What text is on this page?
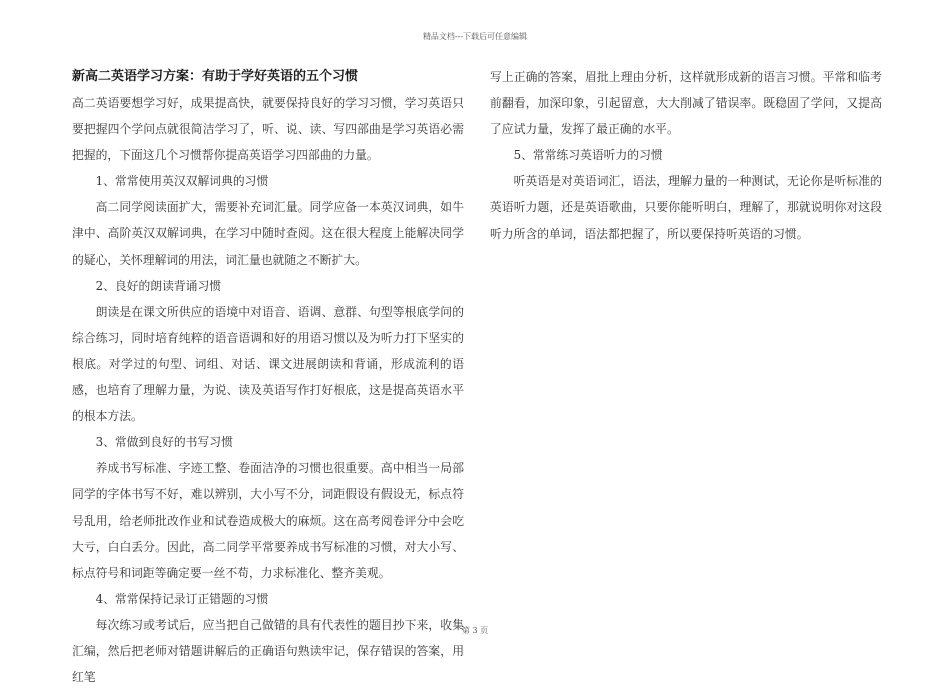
精品文档---下载后可任意编辑
新高二英语学习方案：有助于学好英语的五个习惯

高二英语要想学习好，成果提高快，就要保持良好的学习习惯，学习英语只要把握四个学问点就很简洁学习了，听、说、读、写四部曲是学习英语必需把握的，下面这几个习惯帮你提高英语学习四部曲的力量。

1、常常使用英汉双解词典的习惯

高二同学阅读面扩大，需要补充词汇量。同学应备一本英汉词典，如牛津中、高阶英汉双解词典，在学习中随时查阅。这在很大程度上能解决同学的疑心，关怀理解词的用法，词汇量也就随之不断扩大。

2、良好的朗读背诵习惯

朗读是在课文所供应的语境中对语音、语调、意群、句型等根底学问的综合练习，同时培育纯粹的语音语调和好的用语习惯以及为听力打下坚实的根底。对学过的句型、词组、对话、课文进展朗读和背诵，形成流利的语感，也培育了理解力量，为说、读及英语写作打好根底，这是提高英语水平的根本方法。

3、常做到良好的书写习惯

养成书写标准、字迹工整、卷面洁净的习惯也很重要。高中相当一局部同学的字体书写不好，难以辨别，大小写不分，词距假设有假设无，标点符号乱用，给老师批改作业和试卷造成极大的麻烦。这在高考阅卷评分中会吃大亏，白白丢分。因此，高二同学平常要养成书写标准的习惯，对大小写、标点符号和词距等确定要一丝不苟，力求标准化、整齐美观。

4、常常保持记录订正错题的习惯

每次练习或考试后，应当把自己做错的具有代表性的题目抄下来，收集汇编，然后把老师对错题讲解后的正确语句熟读牢记，保存错误的答案，用红笔

写上正确的答案，眉批上理由分析，这样就形成新的语言习惯。平常和临考前翻看，加深印象，引起留意，大大削减了错误率。既稳固了学问，又提高了应试力量，发挥了最正确的水平。

5、常常练习英语听力的习惯

听英语是对英语词汇，语法，理解力量的一种测试，无论你是听标准的英语听力题，还是英语歌曲，只要你能听明白，理解了，那就说明你对这段听力所含的单词，语法都把握了，所以要保持听英语的习惯。

第 3 页
